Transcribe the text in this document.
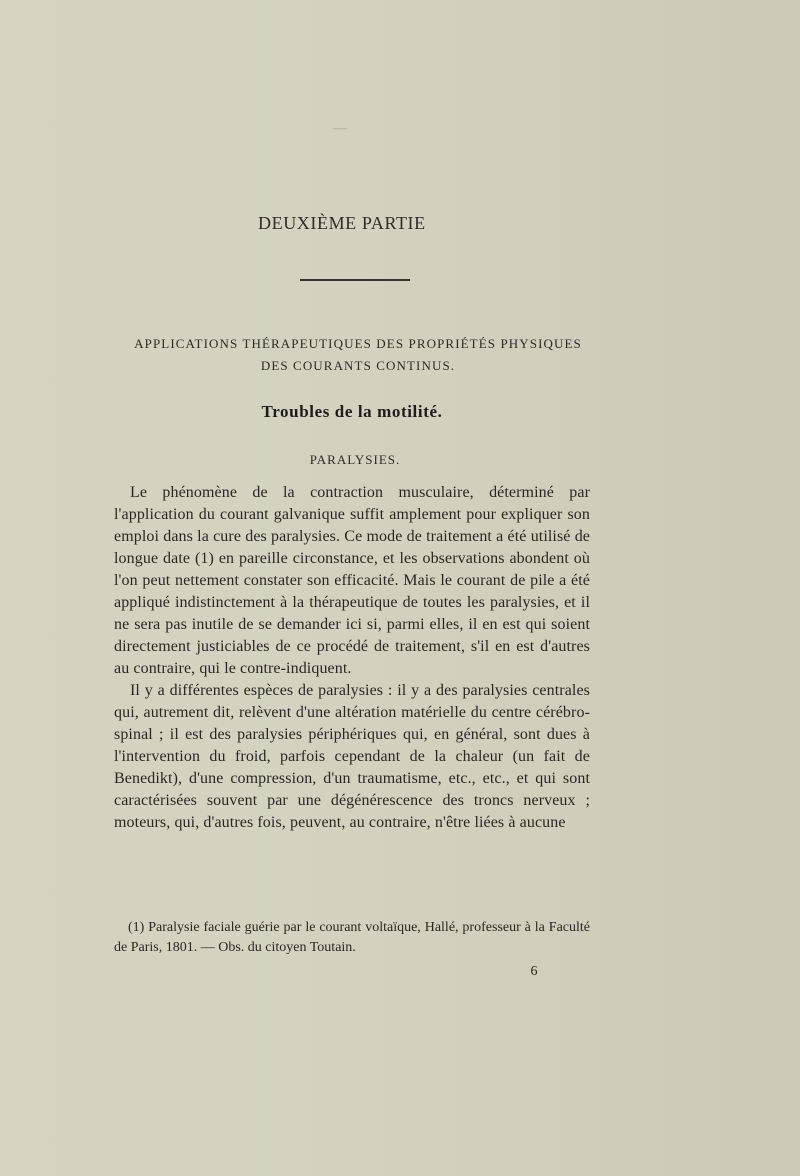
—
DEUXIÈME PARTIE
APPLICATIONS THÉRAPEUTIQUES DES PROPRIÉTÉS PHYSIQUES
DES COURANTS CONTINUS.
Troubles de la motilité.
PARALYSIES.

Le phénomène de la contraction musculaire, déterminé par l'application du courant galvanique suffit amplement pour expliquer son emploi dans la cure des paralysies. Ce mode de traitement a été utilisé de longue date (1) en pareille circonstance, et les observations abondent où l'on peut nettement constater son efficacité. Mais le courant de pile a été appliqué indistinctement à la thérapeutique de toutes les paralysies, et il ne sera pas inutile de se demander ici si, parmi elles, il en est qui soient directement justiciables de ce procédé de traitement, s'il en est d'autres au contraire, qui le contre-indiquent.

Il y a différentes espèces de paralysies : il y a des paralysies centrales qui, autrement dit, relèvent d'une altération matérielle du centre cérébro-spinal ; il est des paralysies périphériques qui, en général, sont dues à l'intervention du froid, parfois cependant de la chaleur (un fait de Benedikt), d'une compression, d'un traumatisme, etc., etc., et qui sont caractérisées souvent par une dégénérescence des troncs nerveux ; moteurs, qui, d'autres fois, peuvent, au contraire, n'être liées à aucune

(1) Paralysie faciale guérie par le courant voltaïque, Hallé, professeur à la Faculté de Paris, 1801. — Obs. du citoyen Toutain.

6
